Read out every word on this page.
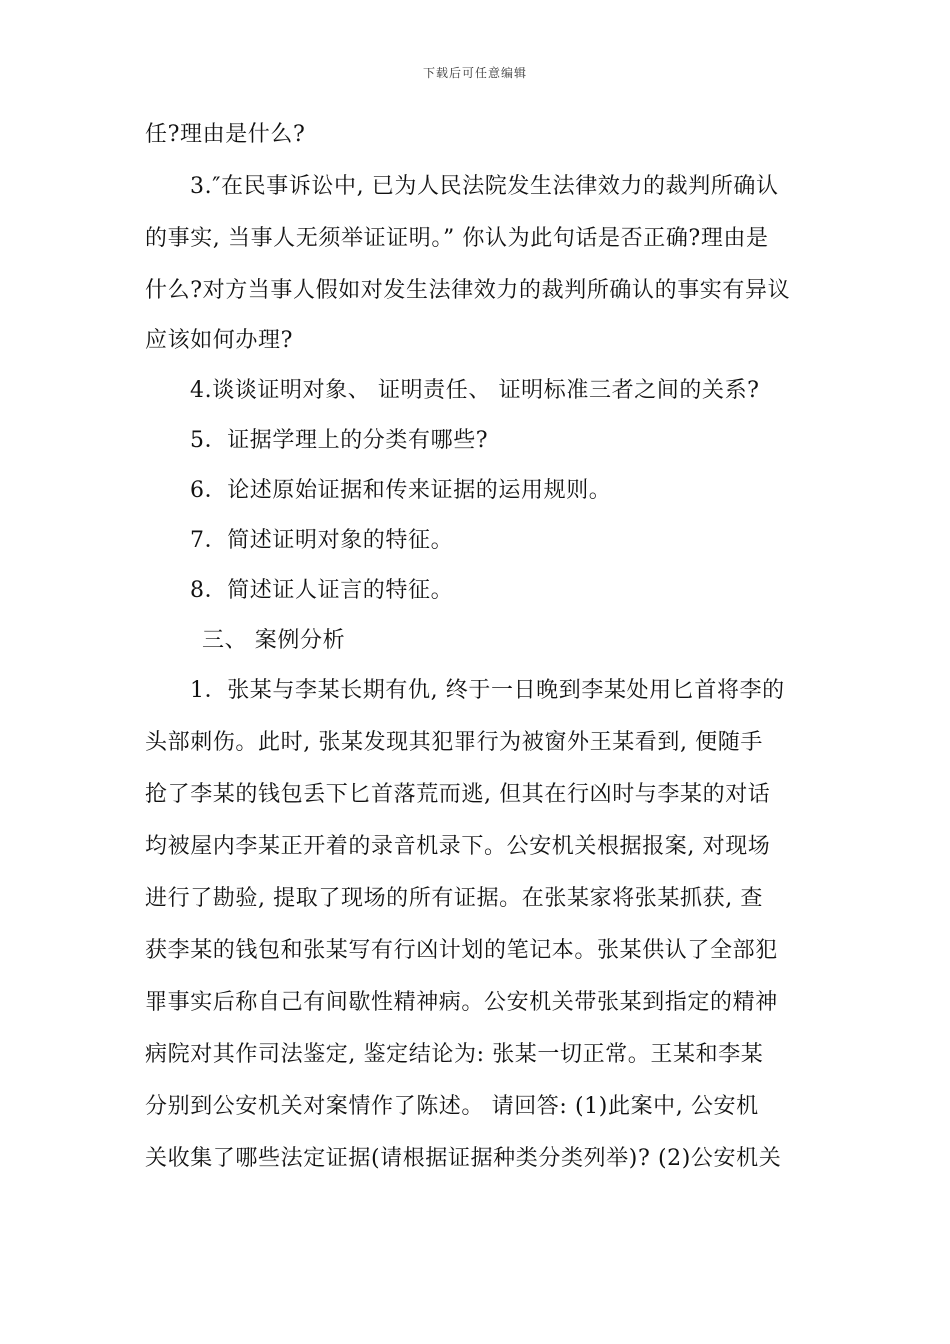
下载后可任意编辑
任?理由是什么?
3.″在民事诉讼中, 已为人民法院发生法律效力的裁判所确认
的事实, 当事人无须举证证明。” 你认为此句话是否正确?理由是
什么?对方当事人假如对发生法律效力的裁判所确认的事实有异议
应该如何办理?
4.谈谈证明对象、 证明责任、 证明标准三者之间的关系?
5．证据学理上的分类有哪些?
6．论述原始证据和传来证据的运用规则。
7．简述证明对象的特征。
8．简述证人证言的特征。
三、 案例分析
1．张某与李某长期有仇, 终于一日晚到李某处用匕首将李的
头部刺伤。此时, 张某发现其犯罪行为被窗外王某看到, 便随手
抢了李某的钱包丢下匕首落荒而逃, 但其在行凶时与李某的对话
均被屋内李某正开着的录音机录下。公安机关根据报案, 对现场
进行了勘验, 提取了现场的所有证据。在张某家将张某抓获, 查
获李某的钱包和张某写有行凶计划的笔记本。张某供认了全部犯
罪事实后称自己有间歇性精神病。公安机关带张某到指定的精神
病院对其作司法鉴定, 鉴定结论为: 张某一切正常。王某和李某
分别到公安机关对案情作了陈述。 请回答: (1)此案中, 公安机
关收集了哪些法定证据(请根据证据种类分类列举)? (2)公安机关
